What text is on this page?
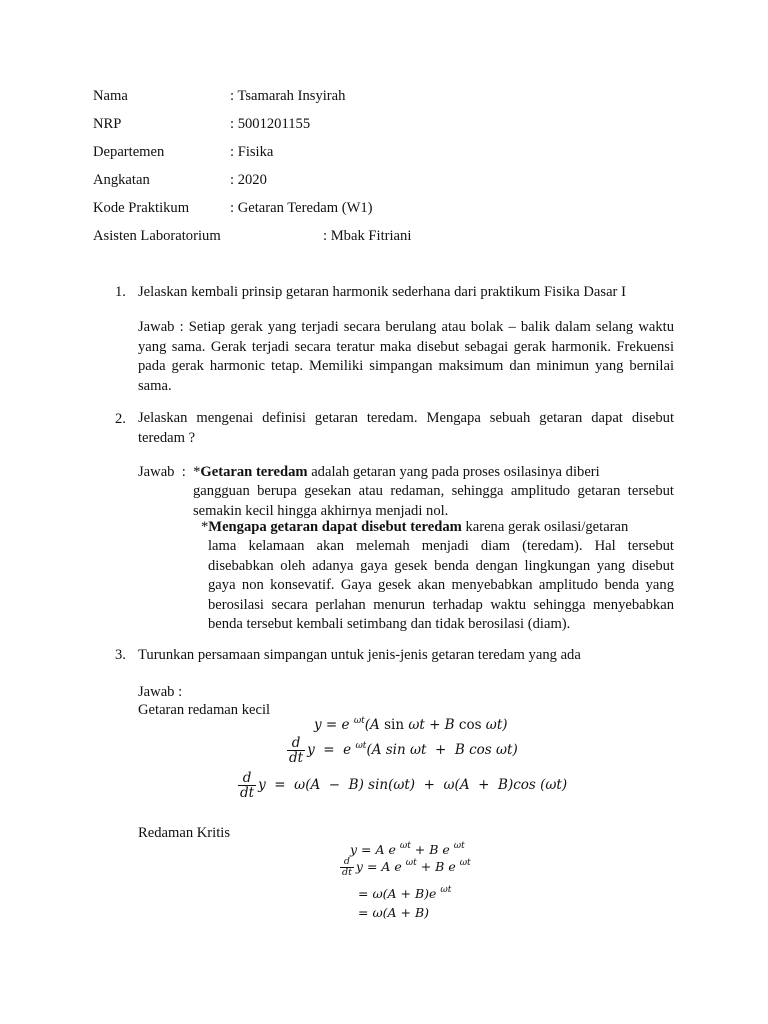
Nama	: Tsamarah Insyirah
NRP	: 5001201155
Departemen	: Fisika
Angkatan	: 2020
Kode Praktikum	: Getaran Teredam (W1)
Asisten Laboratorium	: Mbak Fitriani
1. Jelaskan kembali prinsip getaran harmonik sederhana dari praktikum Fisika Dasar I
Jawab : Setiap gerak yang terjadi secara berulang atau bolak – balik dalam selang waktu yang sama. Gerak terjadi secara teratur maka disebut sebagai gerak harmonik. Frekuensi pada gerak harmonic tetap. Memiliki simpangan maksimum dan minimun yang bernilai sama.
2. Jelaskan mengenai definisi getaran teredam. Mengapa sebuah getaran dapat disebut teredam ?
Jawab  :  *Getaran teredam adalah getaran yang pada proses osilasinya diberi
gangguan berupa gesekan atau redaman, sehingga amplitudo getaran tersebut semakin kecil hingga akhirnya menjadi nol.
*Mengapa getaran dapat disebut teredam karena gerak osilasi/getaran
lama kelamaan akan melemah menjadi diam (teredam). Hal tersebut disebabkan oleh adanya gaya gesek benda dengan lingkungan yang disebut gaya non konsevatif. Gaya gesek akan menyebabkan amplitudo benda yang berosilasi secara perlahan menurun terhadap waktu sehingga menyebabkan benda tersebut kembali setimbang dan tidak berosilasi (diam).
3. Turunkan persamaan simpangan untuk jenis-jenis getaran teredam yang ada
Jawab :
Getaran redaman kecil
y = e $^{\omega t}$(A sin ωt + B cos ωt)
$\frac{d}{dt}$ y  =  e $^{\omega t}$(A sin ωt  +  B cos ωt)
$\frac{d}{dt}$ y  =  ω(A  −  B) sin(ωt)  +  ω(A  +  B)cos (ωt)
Redaman Kritis
y = A e $^{\omega t}$ + B e $^{\omega t}$
$\frac{d}{dt}$ y = A e $^{\omega t}$ + B e $^{\omega t}$
= ω(A + B)e $^{\omega t}$
= ω(A + B)
